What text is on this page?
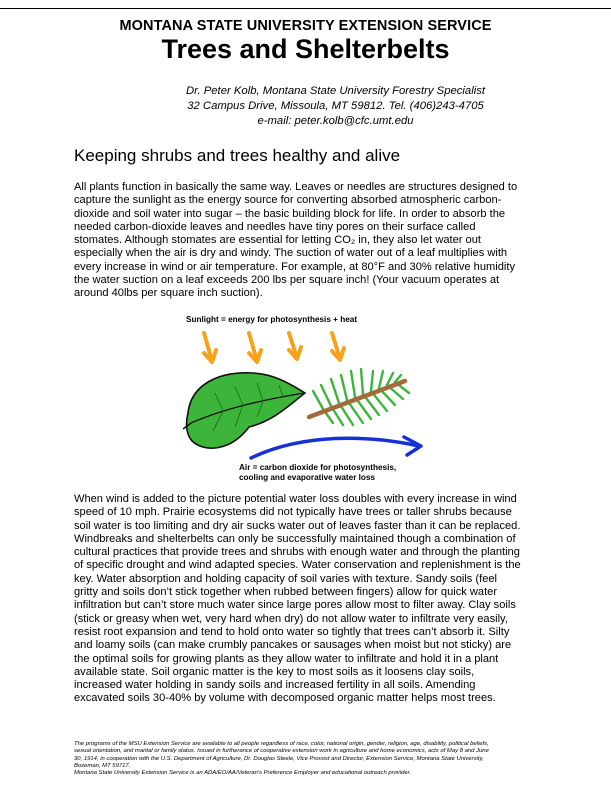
MONTANA STATE UNIVERSITY EXTENSION SERVICE
Trees and Shelterbelts
Dr. Peter Kolb, Montana State University Forestry Specialist
32 Campus Drive, Missoula, MT 59812. Tel. (406)243-4705
e-mail: peter.kolb@cfc.umt.edu
Keeping shrubs and trees healthy and alive
All plants function in basically the same way. Leaves or needles are structures designed to
capture the sunlight as the energy source for converting absorbed atmospheric carbon-
dioxide and soil water into sugar – the basic building block for life. In order to absorb the
needed carbon-dioxide leaves and needles have tiny pores on their surface called
stomates. Although stomates are essential for letting CO₂ in, they also let water out
especially when the air is dry and windy. The suction of water out of a leaf multiplies with
every increase in wind or air temperature. For example, at 80°F and 30% relative humidity
the water suction on a leaf exceeds 200 lbs per square inch! (Your vacuum operates at
around 40lbs per square inch suction).
Sunlight = energy for photosynthesis + heat
Air = carbon dioxide for photosynthesis,
cooling and evaporative water loss
When wind is added to the picture potential water loss doubles with every increase in wind
speed of 10 mph. Prairie ecosystems did not typically have trees or taller shrubs because
soil water is too limiting and dry air sucks water out of leaves faster than it can be replaced.
Windbreaks and shelterbelts can only be successfully maintained though a combination of
cultural practices that provide trees and shrubs with enough water and through the planting
of specific drought and wind adapted species. Water conservation and replenishment is the
key. Water absorption and holding capacity of soil varies with texture. Sandy soils (feel
gritty and soils don’t stick together when rubbed between fingers) allow for quick water
infiltration but can’t store much water since large pores allow most to filter away. Clay soils
(stick or greasy when wet, very hard when dry) do not allow water to infiltrate very easily,
resist root expansion and tend to hold onto water so tightly that trees can’t absorb it. Silty
and loamy soils (can make crumbly pancakes or sausages when moist but not sticky) are
the optimal soils for growing plants as they allow water to infiltrate and hold it in a plant
available state. Soil organic matter is the key to most soils as it loosens clay soils,
increased water holding in sandy soils and increased fertility in all soils. Amending
excavated soils 30-40% by volume with decomposed organic matter helps most trees.
The programs of the MSU Extension Service are available to all people regardless of race, color, national origin, gender, religion, age, disability, political beliefs,
sexual orientation, and marital or family status. Issued in furtherance of cooperative extension work in agriculture and home economics, acts of May 8 and June
30, 1914, in cooperation with the U.S. Department of Agriculture, Dr. Douglas Steele, Vice Provost and Director, Extension Service, Montana State University,
Bozeman, MT 59717.
Montana State University Extension Service is an ADA/EO/AA/Veteran's Preference Employer and educational outreach provider.
